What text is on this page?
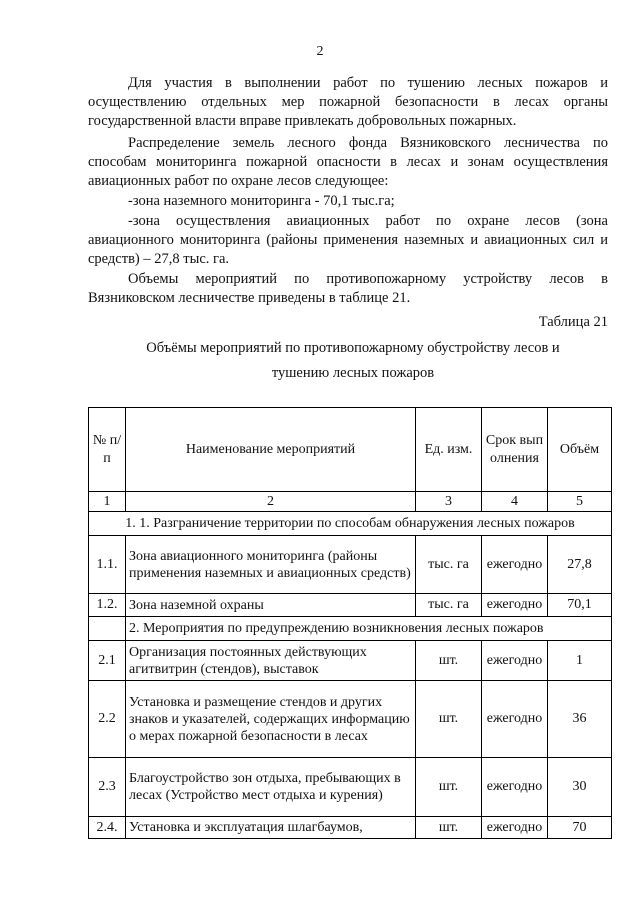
2
Для участия в выполнении работ по тушению лесных пожаров и осуществлению отдельных мер пожарной безопасности в лесах органы государственной власти вправе привлекать добровольных пожарных.
Распределение земель лесного фонда Вязниковского лесничества по способам мониторинга пожарной опасности в лесах и зонам осуществления авиационных работ по охране лесов следующее:
-зона наземного мониторинга - 70,1 тыс.га;
-зона осуществления авиационных работ по охране лесов (зона авиационного мониторинга (районы применения наземных и авиационных сил и средств) – 27,8 тыс. га.
Объемы мероприятий по противопожарному устройству лесов в Вязниковском лесничестве приведены в таблице 21.
Таблица 21
Объёмы мероприятий по противопожарному обустройству лесов и
тушению лесных пожаров
№ п/п	Наименование мероприятий	Ед. изм.	Срок выполнения	Объём
1	2	3	4	5
1. 1. Разграничение территории по способам обнаружения лесных пожаров				
1.1.	Зона авиационного мониторинга (районы применения наземных и авиационных средств)	тыс. га	ежегодно	27,8
1.2.	Зона наземной охраны	тыс. га	ежегодно	70,1
	2. Мероприятия по предупреждению возникновения лесных пожаров			
2.1	Организация постоянных действующих агитвитрин (стендов), выставок	шт.	ежегодно	1
2.2	Установка и размещение стендов и других знаков и указателей, содержащих информацию о мерах пожарной безопасности в лесах	шт.	ежегодно	36
2.3	Благоустройство зон отдыха, пребывающих в лесах (Устройство мест отдыха и курения)	шт.	ежегодно	30
2.4.	Установка и эксплуатация шлагбаумов,	шт.	ежегодно	70
